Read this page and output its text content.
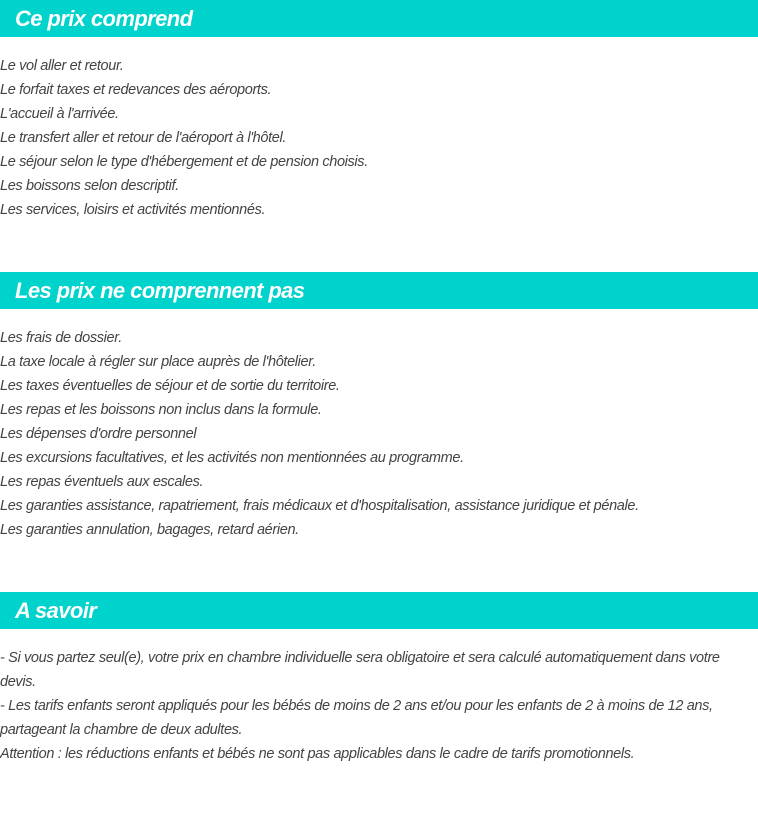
Ce prix comprend
Le vol aller et retour.
Le forfait taxes et redevances des aéroports.
L'accueil à l'arrivée.
Le transfert aller et retour de l'aéroport à l'hôtel.
Le séjour selon le type d'hébergement et de pension choisis.
Les boissons selon descriptif.
Les services, loisirs et activités mentionnés.
Les prix ne comprennent pas
Les frais de dossier.
La taxe locale à régler sur place auprès de l'hôtelier.
Les taxes éventuelles de séjour et de sortie du territoire.
Les repas et les boissons non inclus dans la formule.
Les dépenses d'ordre personnel
Les excursions facultatives, et les activités non mentionnées au programme.
Les repas éventuels aux escales.
Les garanties assistance, rapatriement, frais médicaux et d'hospitalisation, assistance juridique et pénale.
Les garanties annulation, bagages, retard aérien.
A savoir

- Si vous partez seul(e), votre prix en chambre individuelle sera obligatoire et sera calculé automatiquement dans votre devis.

- Les tarifs enfants seront appliqués pour les bébés de moins de 2 ans et/ou pour les enfants de 2 à moins de 12 ans, partageant la chambre de deux adultes.

Attention : les réductions enfants et bébés ne sont pas applicables dans le cadre de tarifs promotionnels.
